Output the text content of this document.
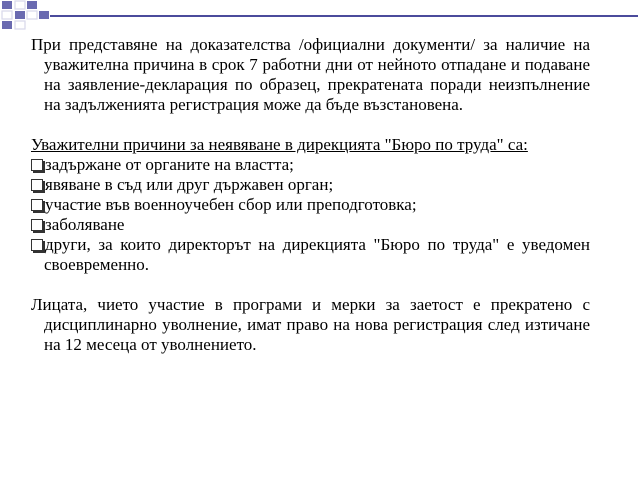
При представяне на доказателства /официални документи/ за наличие на уважителна причина в срок 7 работни дни от нейното отпадане и подаване на заявление-декларация по образец, прекратената поради неизпълнение на задълженията регистрация може да бъде възстановена.

Уважителни причини за неявяване в дирекцията "Бюро по труда" са:

задържане от органите на властта;

явяване в съд или друг държавен орган;

участие във военноучебен сбор или преподготовка;

заболяване

други, за които директорът на дирекцията "Бюро по труда" е уведомен своевременно.

Лицата, чието участие в програми и мерки за заетост е прекратено с дисциплинарно уволнение, имат право на нова регистрация след изтичане на 12 месеца от уволнението.
